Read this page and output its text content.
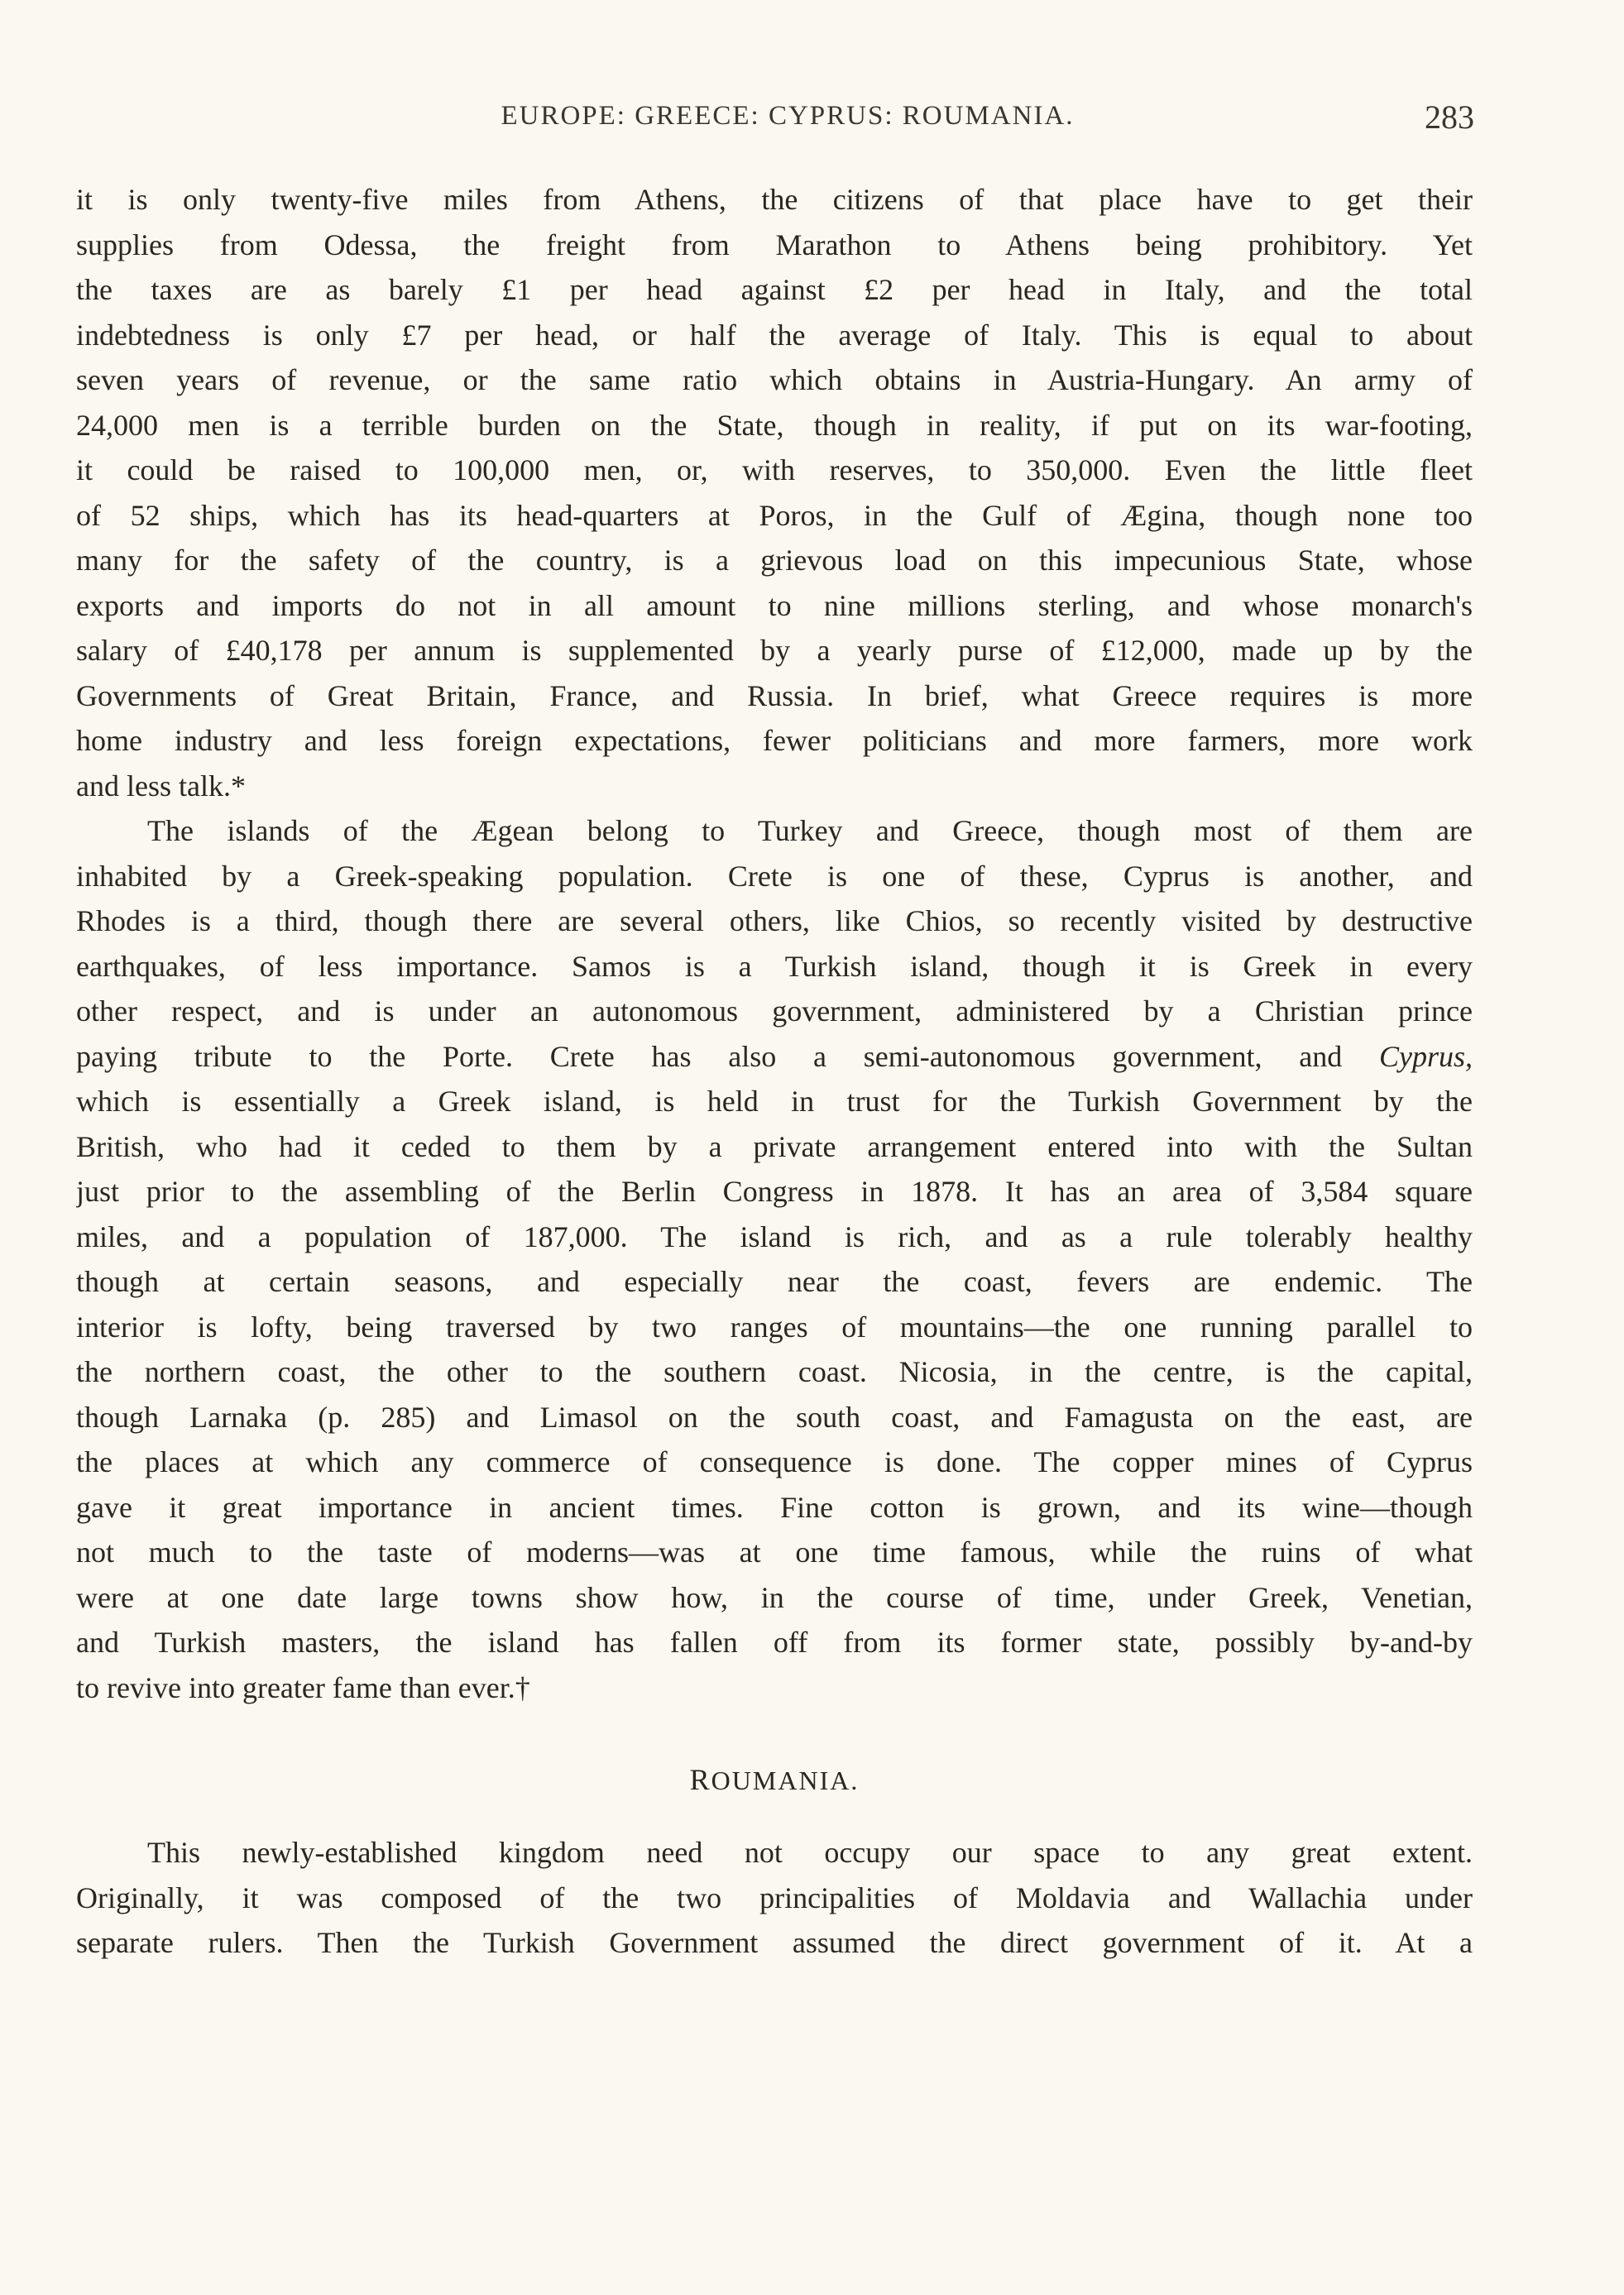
EUROPE: GREECE: CYPRUS: ROUMANIA.	283
it is only twenty-five miles from Athens, the citizens of that place have to get their
supplies from Odessa, the freight from Marathon to Athens being prohibitory. Yet
the taxes are as barely £1 per head against £2 per head in Italy, and the total
indebtedness is only £7 per head, or half the average of Italy. This is equal to about
seven years of revenue, or the same ratio which obtains in Austria-Hungary. An army of
24,000 men is a terrible burden on the State, though in reality, if put on its war-footing,
it could be raised to 100,000 men, or, with reserves, to 350,000. Even the little fleet
of 52 ships, which has its head-quarters at Poros, in the Gulf of Ægina, though none too
many for the safety of the country, is a grievous load on this impecunious State, whose
exports and imports do not in all amount to nine millions sterling, and whose monarch's
salary of £40,178 per annum is supplemented by a yearly purse of £12,000, made up by the
Governments of Great Britain, France, and Russia. In brief, what Greece requires is more
home industry and less foreign expectations, fewer politicians and more farmers, more work
and less talk.*
The islands of the Ægean belong to Turkey and Greece, though most of them are
inhabited by a Greek-speaking population. Crete is one of these, Cyprus is another, and
Rhodes is a third, though there are several others, like Chios, so recently visited by destructive
earthquakes, of less importance. Samos is a Turkish island, though it is Greek in every
other respect, and is under an autonomous government, administered by a Christian prince
paying tribute to the Porte. Crete has also a semi-autonomous government, and Cyprus,
which is essentially a Greek island, is held in trust for the Turkish Government by the
British, who had it ceded to them by a private arrangement entered into with the Sultan
just prior to the assembling of the Berlin Congress in 1878. It has an area of 3,584 square
miles, and a population of 187,000. The island is rich, and as a rule tolerably healthy
though at certain seasons, and especially near the coast, fevers are endemic. The
interior is lofty, being traversed by two ranges of mountains—the one running parallel to
the northern coast, the other to the southern coast. Nicosia, in the centre, is the capital,
though Larnaka (p. 285) and Limasol on the south coast, and Famagusta on the east, are
the places at which any commerce of consequence is done. The copper mines of Cyprus
gave it great importance in ancient times. Fine cotton is grown, and its wine—though
not much to the taste of moderns—was at one time famous, while the ruins of what
were at one date large towns show how, in the course of time, under Greek, Venetian,
and Turkish masters, the island has fallen off from its former state, possibly by-and-by
to revive into greater fame than ever.†
ROUMANIA.
This newly-established kingdom need not occupy our space to any great extent.
Originally, it was composed of the two principalities of Moldavia and Wallachia under
separate rulers. Then the Turkish Government assumed the direct government of it. At a
